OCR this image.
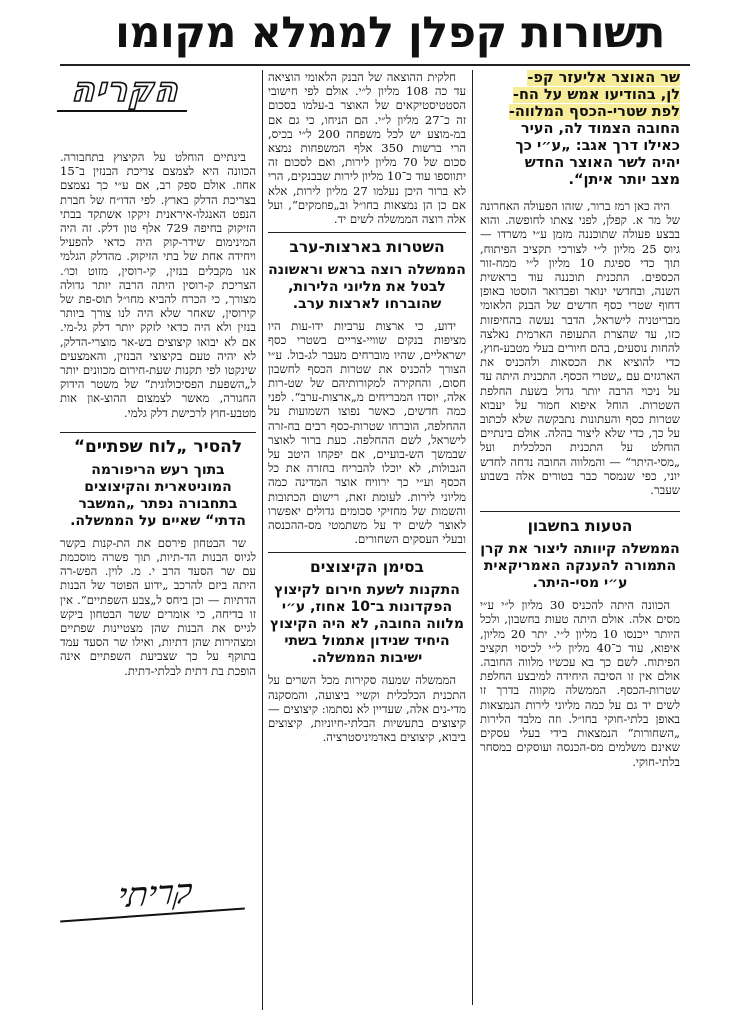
תשורות קפלן לממלא מקומו
שר האוצר אליעזר קפ-
לן, בהודיעו אמש על הח-
לפת שטרי-הכסף המלווה-
החובה הצמוד לה, העיר
כאילו דרך אגב: „ע״י כך
יהיה לשר האוצר החדש
מצב יותר איתן“.

היה כאן רמז ברור, שזהו הפעולה האחרונה של מר א. קפלן, לפני צאתו לחופשה. והוא בבצע פעולה שתוכננה מזמן ע״י משרדו — גיוס 25 מליון ל״י לצורכי תקציב הפיתוח, תוך כדי ספיגת 10 מליון ל״י ממח-זור הכספים. התכנית תוכננה עוד בראשית השנה, ובחדשי ינואר ופברואר הוסטו באופן דחוף שטרי כסף חדשים של הבנק הלאומי מבריטניה לישראל, הדבר נעשה בהחיפזות כזו, עד שהצרת התעופה הארמית נאלצה להחות נוסעים, בהם חיורים בעלי מטבע-חוץ, כדי להוציא את הכסאות ולהכניס את הארגזים עם „שטרי הכסף. התכנית היתה עד על ניכוי הרבה יותר גדול בשעת החלפת השטרות. הוחל איפוא חמור על יעבוא שטרות כסף והעתונות נתבקשה שלא לכתוב על כך, כדי שלא ליצור בהלה. אולם בינתיים הוחלט על התכנית הכלכלית ועל „מסי-היתר“ — והמלווה החובה נדחה לחדש יוני, כפי שנמסר כבר בטורים אלה בשבוע שעבר.

הטעות בחשבון
הממשלה קיוותה ליצור את קרן התמורה להענקה האמריקאית ע״י מסי-היתר.

הכוונה היתה להכניס 30 מליון ל״י ע״י מסים אלה. אולם היתה טעות בחשבון, ולכל היותר ייכנסו 10 מליון ל״י. יתר 20 מליון, איפוא, עוד כ־40 מליון ל״י לכיסוי תקציב הפיתוח. לשם כך בא עכשיו מלווה החובה. אולם אין זו הסיבה היחידה למיבצע החלפת שטרות-הכסף. הממשלה מקווה בדרך זו לשים יד גם על כמה מליוני לירות הנמצאות באופן בלתי-חוקי בחו״ל. וזה מלבד הלירות „השחורות“ הנמצאות בידי בעלי עסקים שאינם משלמים מס-הכנסה ועוסקים במסחר בלתי-חוקי.

חלקית ההוצאה של הבנק הלאומי הוציאה עד כה 108 מליון ל״י. אולם לפי חישובי הסטטיסטיקאים של האוצר ב-עלמו בסכום זה כ־27 מליון ל״י. הם הניחו, כי גם אם במ-מוצע יש לכל משפחה 200 ל״י בכיס, הרי ברשות 350 אלף המשפחות נמצא סכום של 70 מליון לירות, ואם לסכום זה יתווספו עוד כ־10 מליון לירות שבבנקים, הרי לא ברור היכן נעלמו 27 מליון לירות, אלא אם כן הן נמצאות בחו״ל וב„פוזמקים“, ועל אלה רוצה הממשלה לשים יד.

השטרות בארצות-ערב
הממשלה רוצה בראש וראשונה לבטל את מליוני הלירות, שהוברחו לארצות ערב.

ידוע, כי ארצות ערביות ידו-עות היו מציפות בנקים שוויי-צריים בשטרי כסף ישראליים, שהיו מוברחים מעבר לג-בול. ע״י הצורך להכניס את שטרות הכסף לחשבון חסום, והחקירה למקורותיהם של שט-רות אלה, יוסדו המבריחים מ„ארצות-ערב“. לפני כמה חדשים, כאשר נפוצו השמועות על ההחלפה, הוברחו שטרות-כסף רבים בח-זרה לישראל, לשם ההחלפה. כעת ברור לאוצר שבמשך הש-בועיים, אם יפקחו היטב על הגבולות, לא יוכלו להבריח בחזרה את כל הכסף וע״י כך ירוויח אוצר המדינה כמה מליוני לירות. לעומת זאת, רישום הכתובות והשמות של מחזיקי סכומים גדולים יאפשרו לאוצר לשים יד על משתמטי מס-ההכנסה ובעלי העסקים השחורים.

בסימן הקיצוצים
התקנות לשעת חירום לקיצוץ הפקדונות ב־10 אחוז, ע״י מלווה החובה, לא היה הקיצוץ היחיד שנידון אתמול בשתי ישיבות הממשלה.

הממשלה שמעה סקירות מכל השרים על התכנית הכלכלית וקשיי ביצועה, והמסקנה מדי-נים אלה, שעדיין לא נסתמו: קיצוצים — קיצוצים בתעשיות הבלתי-חיוניות, קיצוצים ביבוא, קיצוצים באדמיניסטרציה.

הקריה

בינתיים הוחלט על הקיצוץ בתחבורה. הכוונה היא לצמצם צריכת הבנזין ב־15 אחוז. אולם ספק רב, אם ע״י כך נצמצם בצריכת הדלק בארץ. לפי הדו״ח של חברת הנפט האנגלו-איראנית זיקקו אשתקד בבתי הזיקוק בחיפה 729 אלף טון דלק. זה היה המינימום שידר-קוק היה כדאי להפעיל ויחידה אחת של בתי הזיקוק. מהדלק הגלמי אנו מקבלים בנזין, קי-רוסין, מזוט וכו׳. הצריכת ק-רוסין היתה הרבה יותר גדולה מצורך, כי הכרח להביא מחו״ל תוס-פת של קירוסין, שאחר שלא היה לנו צורך ביותר בנזין ולא היה כדאי לזקק יותר דלק גל-מי. אם לא יבואו קיצוצים בש-אר מוצרי-הדלק, לא יהיה טעם בקיצוצי הבנזין, והאמצעים שינקטו לפי תקנות שעת-חירום מכוונים יותר ל„השפעת הפסיכולוגית“ של משטר הידוק החגורה, מאשר לצמצום ההוצ-און אות מטבע-חוץ לרכישת דלק גלמי.

להסיר „לוח שפתיים“
בתוך רעש הריפורמה המוניטארית והקיצוצים בתחבורה נפתר „המשבר הדתי“ שאיים על הממשלה.

שר הבטחון פירסם את הת-קנות בקשר לגיוס הבנות הד-תיות, תוך פשרה מוסכמת עם שר הסעד הרב י. מ. לוין. הפש-רה היתה ביזם להרכב „ידוע הפוטר של הבנות הדתיות — וכן ביחס ל„צבע השפתיים“. אין זו בדיחה, כי אומרים ששר הבטחון ביקש לגייס את הבנות שהן מצטיינות שפתיים ומצהירות שהן דתיות, ואילו שר הסעד עמד בתוקף על כך שצביעת השפתיים אינה הופכת בת דתית לבלתי-דתית.

קריתי
